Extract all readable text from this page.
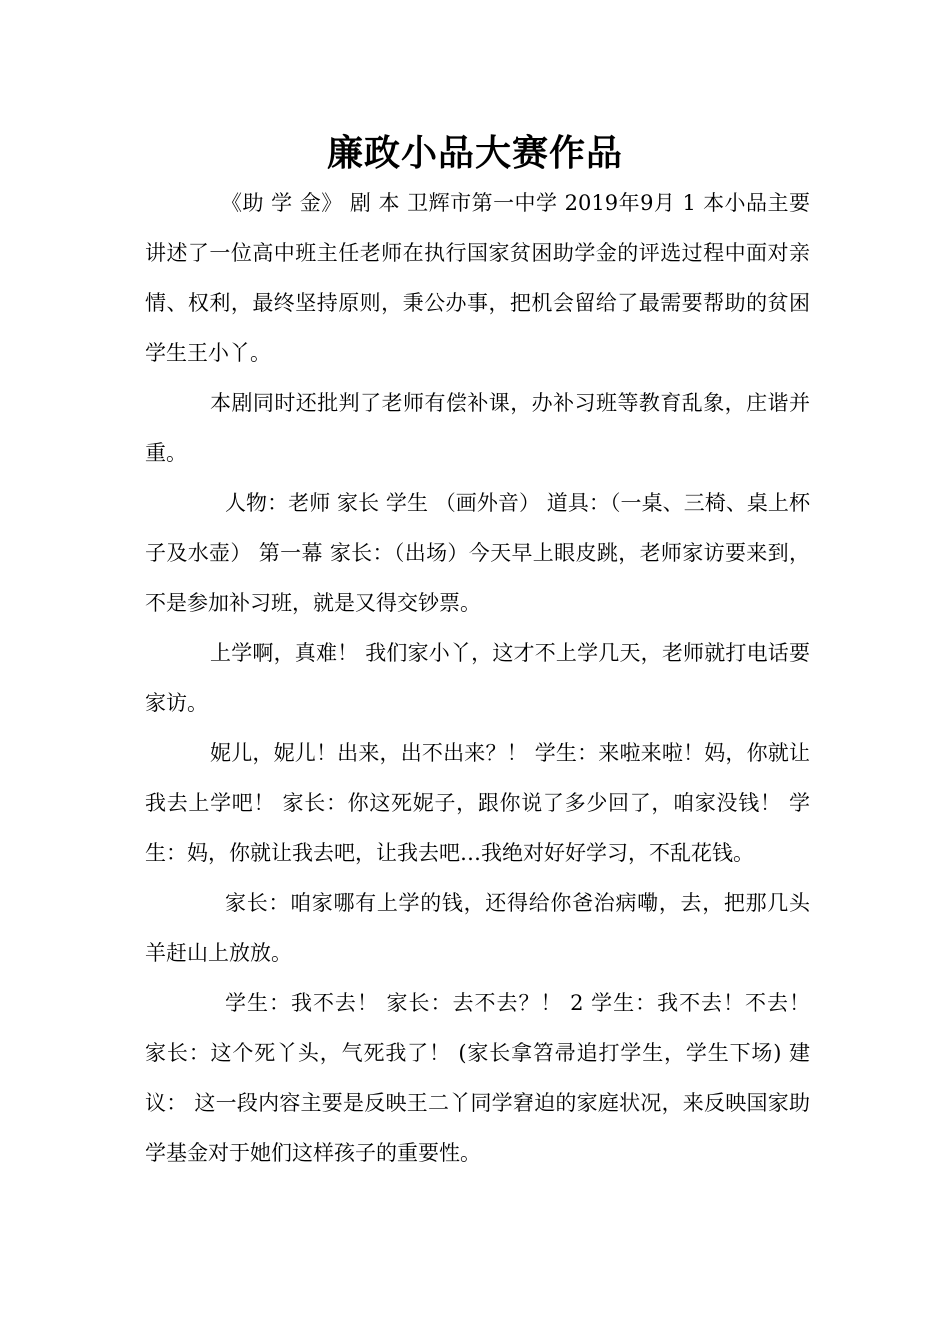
廉政小品大赛作品

《助 学 金》 剧 本 卫辉市第一中学 2019年9月 1 本小品主要讲述了一位高中班主任老师在执行国家贫困助学金的评选过程中面对亲情、权利，最终坚持原则，秉公办事，把机会留给了最需要帮助的贫困学生王小丫。

本剧同时还批判了老师有偿补课，办补习班等教育乱象，庄谐并重。

人物：老师 家长 学生 （画外音） 道具：（一桌、三椅、桌上杯子及水壶） 第一幕 家长：（出场）今天早上眼皮跳，老师家访要来到，不是参加补习班，就是又得交钞票。

上学啊，真难！ 我们家小丫，这才不上学几天，老师就打电话要家访。

妮儿，妮儿！出来，出不出来？！ 学生：来啦来啦！妈，你就让我去上学吧！ 家长：你这死妮子，跟你说了多少回了，咱家没钱！ 学生：妈，你就让我去吧，让我去吧…我绝对好好学习，不乱花钱。

家长：咱家哪有上学的钱，还得给你爸治病嘞，去，把那几头羊赶山上放放。

学生：我不去！ 家长：去不去？！ 2 学生：我不去！不去！ 家长：这个死丫头，气死我了！ (家长拿笤帚追打学生，学生下场) 建议： 这一段内容主要是反映王二丫同学窘迫的家庭状况，来反映国家助学基金对于她们这样孩子的重要性。
